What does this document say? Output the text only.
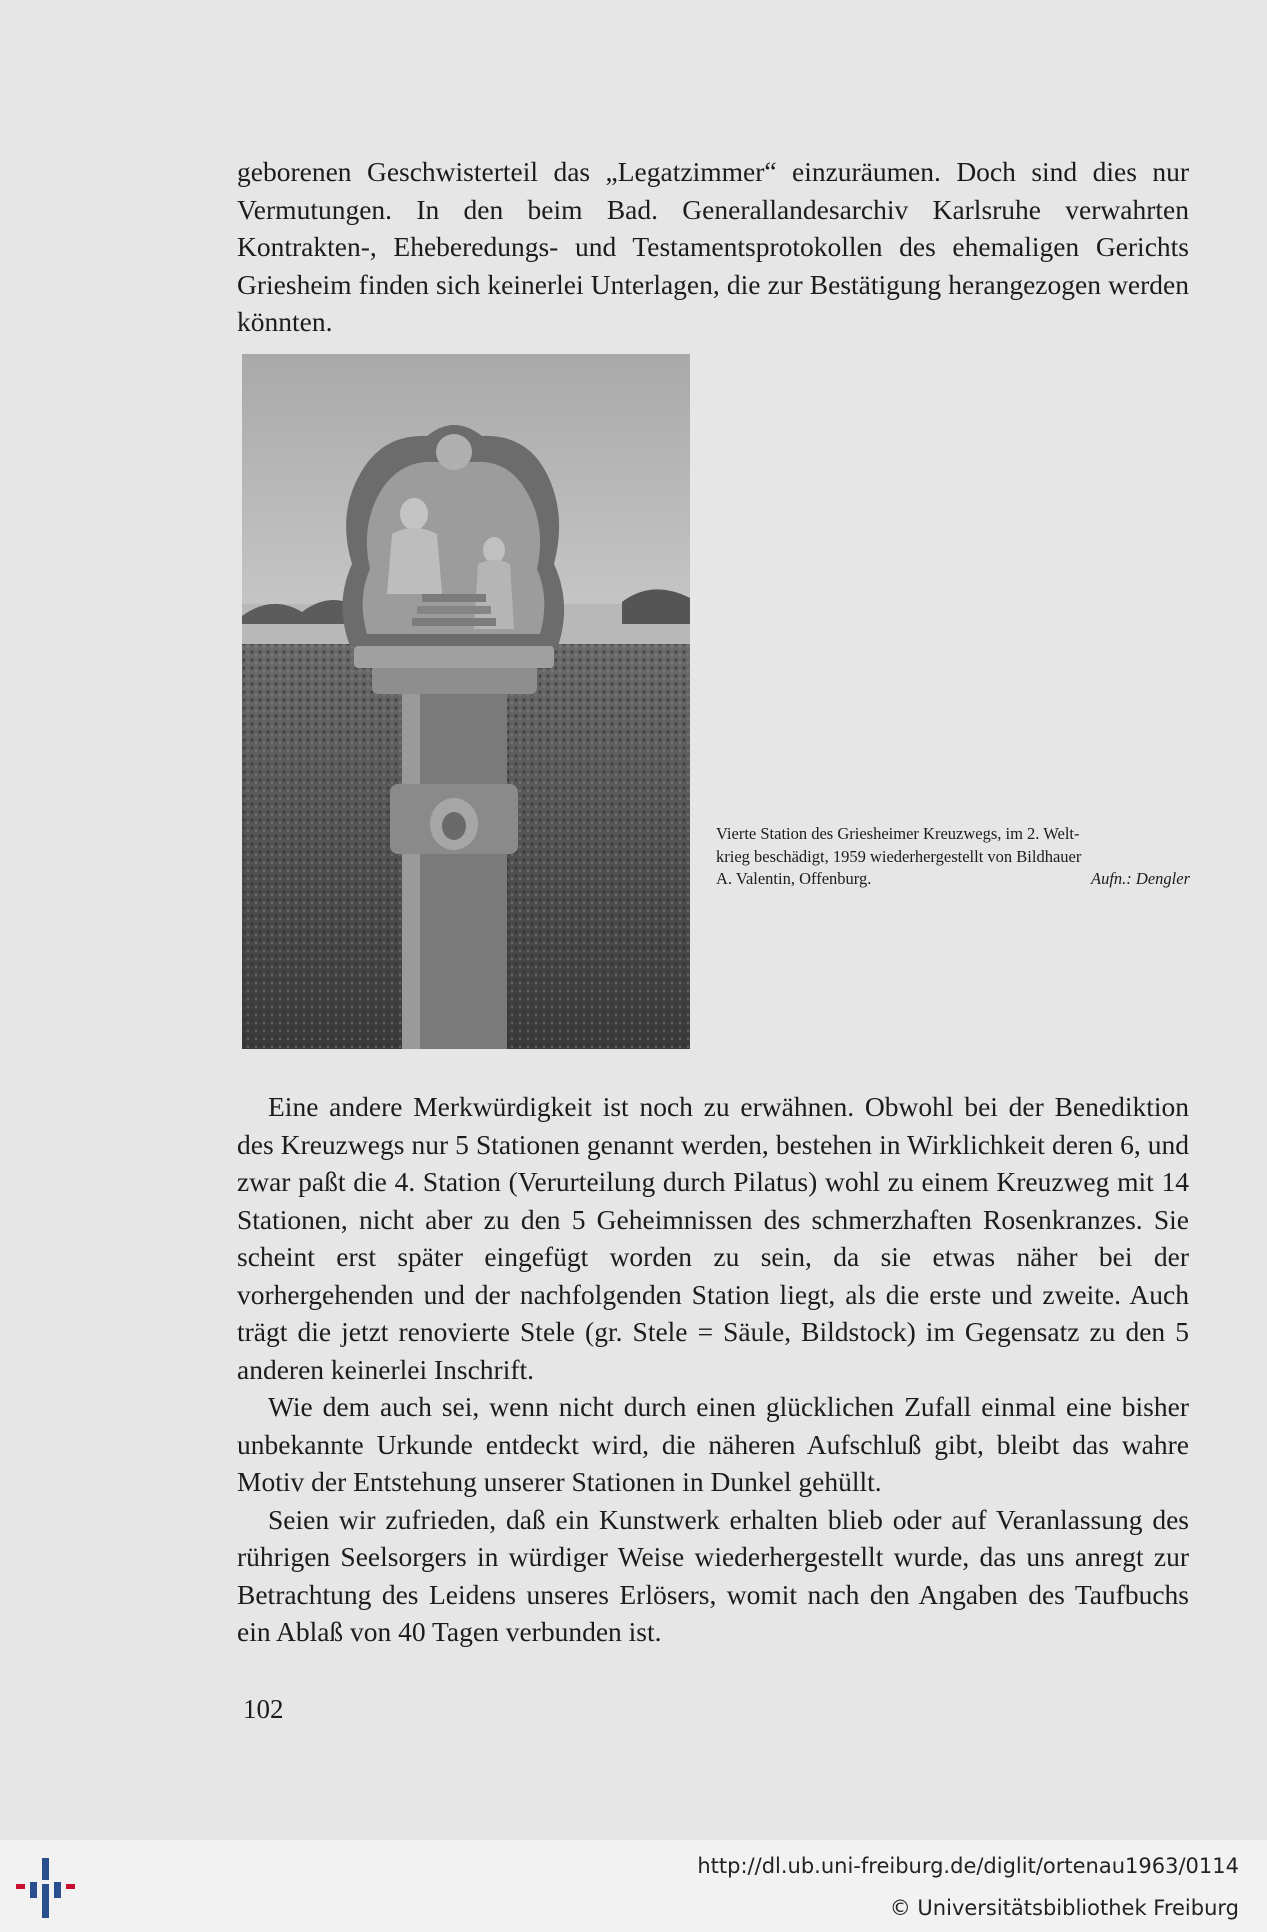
geborenen Geschwisterteil das „Legatzimmer“ einzuräumen. Doch sind dies nur Vermutungen. In den beim Bad. Generallandesarchiv Karlsruhe verwahrten Kontrakten-, Eheberedungs- und Testamentsprotokollen des ehemaligen Gerichts Griesheim finden sich keinerlei Unterlagen, die zur Bestätigung herangezogen werden könnten.

Vierte Station des Griesheimer Kreuzwegs, im 2. Welt-
krieg beschädigt, 1959 wiederhergestellt von Bildhauer
A. Valentin, Offenburg.	Aufn.: Dengler

Eine andere Merkwürdigkeit ist noch zu erwähnen. Obwohl bei der Benediktion des Kreuzwegs nur 5 Stationen genannt werden, bestehen in Wirklichkeit deren 6, und zwar paßt die 4. Station (Verurteilung durch Pilatus) wohl zu einem Kreuzweg mit 14 Stationen, nicht aber zu den 5 Geheimnissen des schmerzhaften Rosenkranzes. Sie scheint erst später eingefügt worden zu sein, da sie etwas näher bei der vorhergehenden und der nachfolgenden Station liegt, als die erste und zweite. Auch trägt die jetzt renovierte Stele (gr. Stele = Säule, Bildstock) im Gegensatz zu den 5 anderen keinerlei Inschrift.

Wie dem auch sei, wenn nicht durch einen glücklichen Zufall einmal eine bisher unbekannte Urkunde entdeckt wird, die näheren Aufschluß gibt, bleibt das wahre Motiv der Entstehung unserer Stationen in Dunkel gehüllt.

Seien wir zufrieden, daß ein Kunstwerk erhalten blieb oder auf Veranlassung des rührigen Seelsorgers in würdiger Weise wiederhergestellt wurde, das uns anregt zur Betrachtung des Leidens unseres Erlösers, womit nach den Angaben des Taufbuchs ein Ablaß von 40 Tagen verbunden ist.

102
http://dl.ub.uni-freiburg.de/diglit/ortenau1963/0114
© Universitätsbibliothek Freiburg
